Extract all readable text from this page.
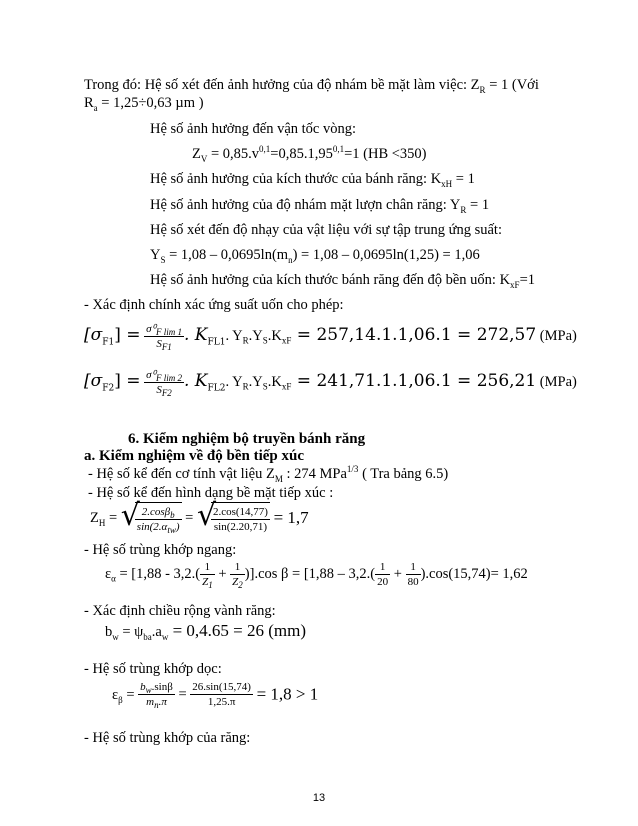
Trong đó: Hệ số xét đến ảnh hưởng của độ nhám bề mặt làm việc: $Z_R = 1$ (Với
$R_a = 1,25\div 0,63$ µm )
Hệ số ảnh hưởng đến vận tốc vòng:
$Z_V = 0,85.v^{0,1}=0,85.1,95^{0,1}=1$ (HB <350)
Hệ số ảnh hưởng của kích thước của bánh răng: $K_{xH} = 1$
Hệ số ảnh hưởng của độ nhám mặt lượn chân răng: $Y_R = 1$
Hệ số xét đến độ nhạy của vật liệu với sự tập trung ứng suất:
$Y_S = 1,08 - 0,0695\ln(m_n) = 1,08 - 0,0695\ln(1,25) = 1,06$
Hệ số ảnh hưởng của kích thước bánh răng đến độ bền uốn: $K_{xF}=1$
- Xác định chính xác ứng suất uốn cho phép:
$[\sigma_{F1}] = \frac{\sigma^0_{F lim 1}}{S_{F1}}$ . $K_{FL1}$. $Y_R.Y_S.K_{xF} = 257,14.1.1,06.1 = 272,57$ (MPa)
$[\sigma_{F2}] = \frac{\sigma^0_{F lim 2}}{S_{F2}}$ . $K_{FL2}$. $Y_R.Y_S.K_{xF} = 241,71.1.1,06.1 = 256,21$ (MPa)
6. Kiểm nghiệm bộ truyền bánh răng
a. Kiểm nghiệm về độ bền tiếp xúc
- Hệ số kể đến cơ tính vật liệu $Z_M$ : 274 MPa$^{1/3}$ ( Tra bảng 6.5)
- Hệ số kể đến hình dạng bề mặt tiếp xúc :
$Z_H$ = √
$\frac{2.\cos\beta_b}{\sin(2.\alpha_{tw})}$ = √
$\frac{2.\cos(14,77)}{\sin(2.20,71)} = 1,7$
- Hệ số trùng khớp ngang:
$\varepsilon_\alpha = [1,88 - 3,2.( \frac{1}{Z_1} + \frac{1}{Z_2} )].\cos$ $\beta = [1,88 - 3,2.( \frac{1}{20} + \frac{1}{80} ).\cos(15,74)= 1,62$
- Xác định chiều rộng vành răng:
$b_w = \psi_{ba}.a_w = 0,4.65 = 26$ (mm)
- Hệ số trùng khớp dọc:
$\varepsilon_\beta = \frac{b_w.\sin\beta}{m_n.\pi} = \frac{26.\sin(15,74)}{1,25.\pi} = 1,8 > 1$
- Hệ số trùng khớp của răng:
13
